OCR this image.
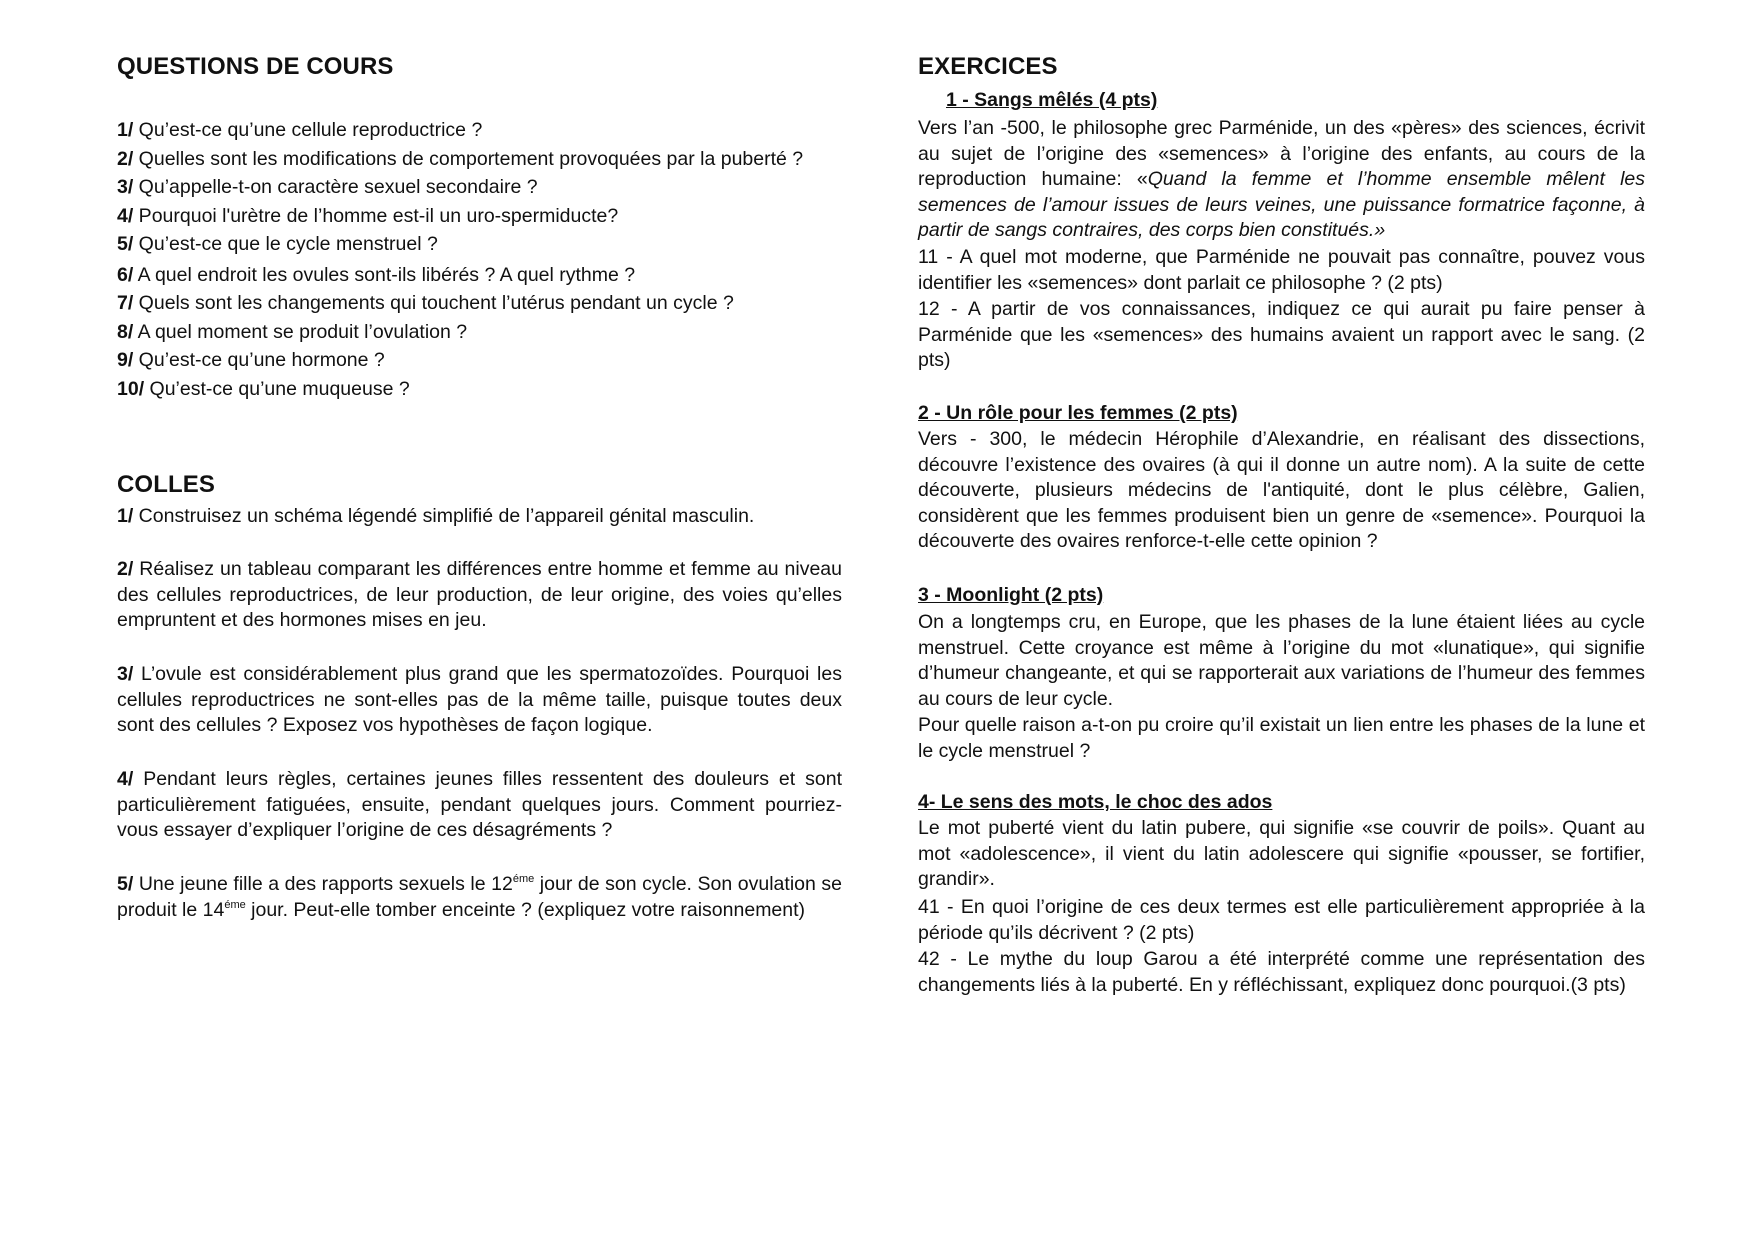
QUESTIONS DE COURS

1/ Qu’est-ce qu’une cellule reproductrice ?

2/ Quelles sont les modifications de comportement provoquées par la puberté ?

3/ Qu’appelle-t-on caractère sexuel secondaire ?

4/ Pourquoi l'urètre de l’homme est-il un uro-spermiducte?

5/ Qu’est-ce que le cycle menstruel ?

6/ A quel endroit les ovules sont-ils libérés ? A quel rythme ?

7/ Quels sont les changements qui touchent l’utérus pendant un cycle ?

8/ A quel moment se produit l’ovulation ?

9/ Qu’est-ce qu’une hormone ?

10/ Qu’est-ce qu’une muqueuse ?

COLLES

1/ Construisez un schéma légendé simplifié de l’appareil génital masculin.

2/ Réalisez un tableau comparant les différences entre homme et femme au niveau des cellules reproductrices, de leur production, de leur origine, des voies qu’elles empruntent et des hormones mises en jeu.

3/ L’ovule est considérablement plus grand que les spermatozoïdes. Pourquoi les cellules reproductrices ne sont-elles pas de la même taille, puisque toutes deux sont des cellules ? Exposez vos hypothèses de façon logique.

4/ Pendant leurs règles, certaines jeunes filles ressentent des douleurs et sont particulièrement fatiguées, ensuite, pendant quelques jours. Comment pourriez-vous essayer d’expliquer l’origine de ces désagréments ?

5/ Une jeune fille a des rapports sexuels le $12^{éme}$ jour de son cycle. Son ovulation se produit le $14^{éme}$ jour. Peut-elle tomber enceinte ? (expliquez votre raisonnement)

EXERCICES

1 - Sangs mêlés (4 pts)

Vers l’an -500, le philosophe grec Parménide, un des «pères» des sciences, écrivit au sujet de l’origine des «semences» à l’origine des enfants, au cours de la reproduction humaine: «Quand la femme et l’homme ensemble mêlent les semences de l’amour issues de leurs veines, une puissance formatrice façonne, à partir de sangs contraires, des corps bien constitués.»

11 - A quel mot moderne, que Parménide ne pouvait pas connaître, pouvez vous identifier les «semences» dont parlait ce philosophe ? (2 pts)

12 - A partir de vos connaissances, indiquez ce qui aurait pu faire penser à Parménide que les «semences» des humains avaient un rapport avec le sang. (2 pts)

2 - Un rôle pour les femmes (2 pts)

Vers - 300, le médecin Hérophile d’Alexandrie, en réalisant des dissections, découvre l’existence des ovaires (à qui il donne un autre nom). A la suite de cette découverte, plusieurs médecins de l'antiquité, dont le plus célèbre, Galien, considèrent que les femmes produisent bien un genre de «semence». Pourquoi la découverte des ovaires renforce-t-elle cette opinion ?

3 - Moonlight (2 pts)

On a longtemps cru, en Europe, que les phases de la lune étaient liées au cycle menstruel. Cette croyance est même à l’origine du mot «lunatique», qui signifie d’humeur changeante, et qui se rapporterait aux variations de l’humeur des femmes au cours de leur cycle.

Pour quelle raison a-t-on pu croire qu’il existait un lien entre les phases de la lune et le cycle menstruel ?

4- Le sens des mots, le choc des ados

Le mot puberté vient du latin pubere, qui signifie «se couvrir de poils». Quant au mot «adolescence», il vient du latin adolescere qui signifie «pousser, se fortifier, grandir».

41 - En quoi l’origine de ces deux termes est elle particulièrement appropriée à la période qu’ils décrivent ? (2 pts)

42 - Le mythe du loup Garou a été interprété comme une représentation des changements liés à la puberté. En y réfléchissant, expliquez donc pourquoi.(3 pts)
